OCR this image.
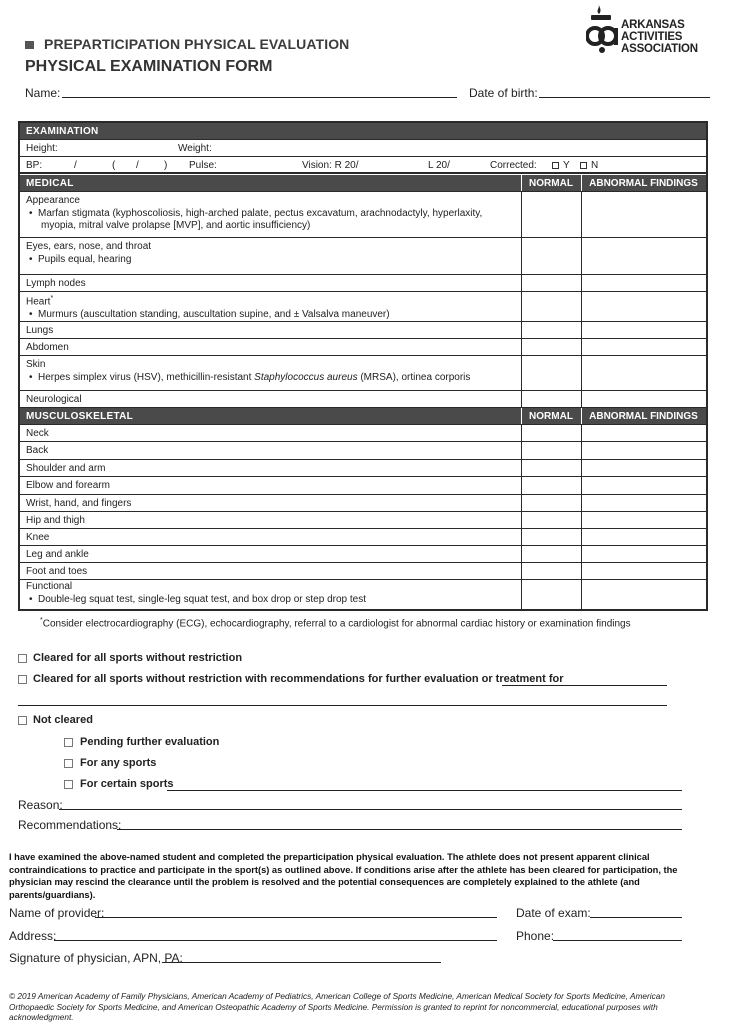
PREPARTICIPATION PHYSICAL EVALUATION
PHYSICAL EXAMINATION FORM
ARKANSAS
ACTIVITIES
ASSOCIATION
Name:	Date of birth:
EXAMINATION
Height:	Weight:
BP:	/	( /	) Pulse:	Vision: R 20/	L 20/	Corrected:	Y N
MEDICAL	NORMAL	ABNORMAL FINDINGS
Appearance
• Marfan stigmata (kyphoscoliosis, high-arched palate, pectus excavatum, arachnodactyly, hyperlaxity,
myopia, mitral valve prolapse [MVP], and aortic insufficiency)
Eyes, ears, nose, and throat
• Pupils equal, hearing
Lymph nodes
Heart*
• Murmurs (auscultation standing, auscultation supine, and ± Valsalva maneuver)
Lungs
Abdomen
Skin
• Herpes simplex virus (HSV), methicillin-resistant Staphylococcus aureus (MRSA), ortinea corporis
Neurological
MUSCULOSKELETAL	NORMAL	ABNORMAL FINDINGS
Neck
Back
Shoulder and arm
Elbow and forearm
Wrist, hand, and fingers
Hip and thigh
Knee
Leg and ankle
Foot and toes
Functional
• Double-leg squat test, single-leg squat test, and box drop or step drop test
*Consider electrocardiography (ECG), echocardiography, referral to a cardiologist for abnormal cardiac history or examination findings
Cleared for all sports without restriction
Cleared for all sports without restriction with recommendations for further evaluation or treatment for
Not cleared
Pending further evaluation
For any sports
For certain sports
Reason:
Recommendations:
I have examined the above-named student and completed the preparticipation physical evaluation. The athlete does not present apparent clinical contraindications to practice and participate in the sport(s) as outlined above. If conditions arise after the athlete has been cleared for participation, the physician may rescind the clearance until the problem is resolved and the potential consequences are completely explained to the athlete (and parents/guardians).
Name of provider:	Date of exam:
Address:	Phone:
Signature of physician, APN, PA:
© 2019 American Academy of Family Physicians, American Academy of Pediatrics, American College of Sports Medicine, American Medical Society for Sports Medicine, American Orthopaedic Society for Sports Medicine, and American Osteopathic Academy of Sports Medicine. Permission is granted to reprint for noncommercial, educational purposes with acknowledgment.
